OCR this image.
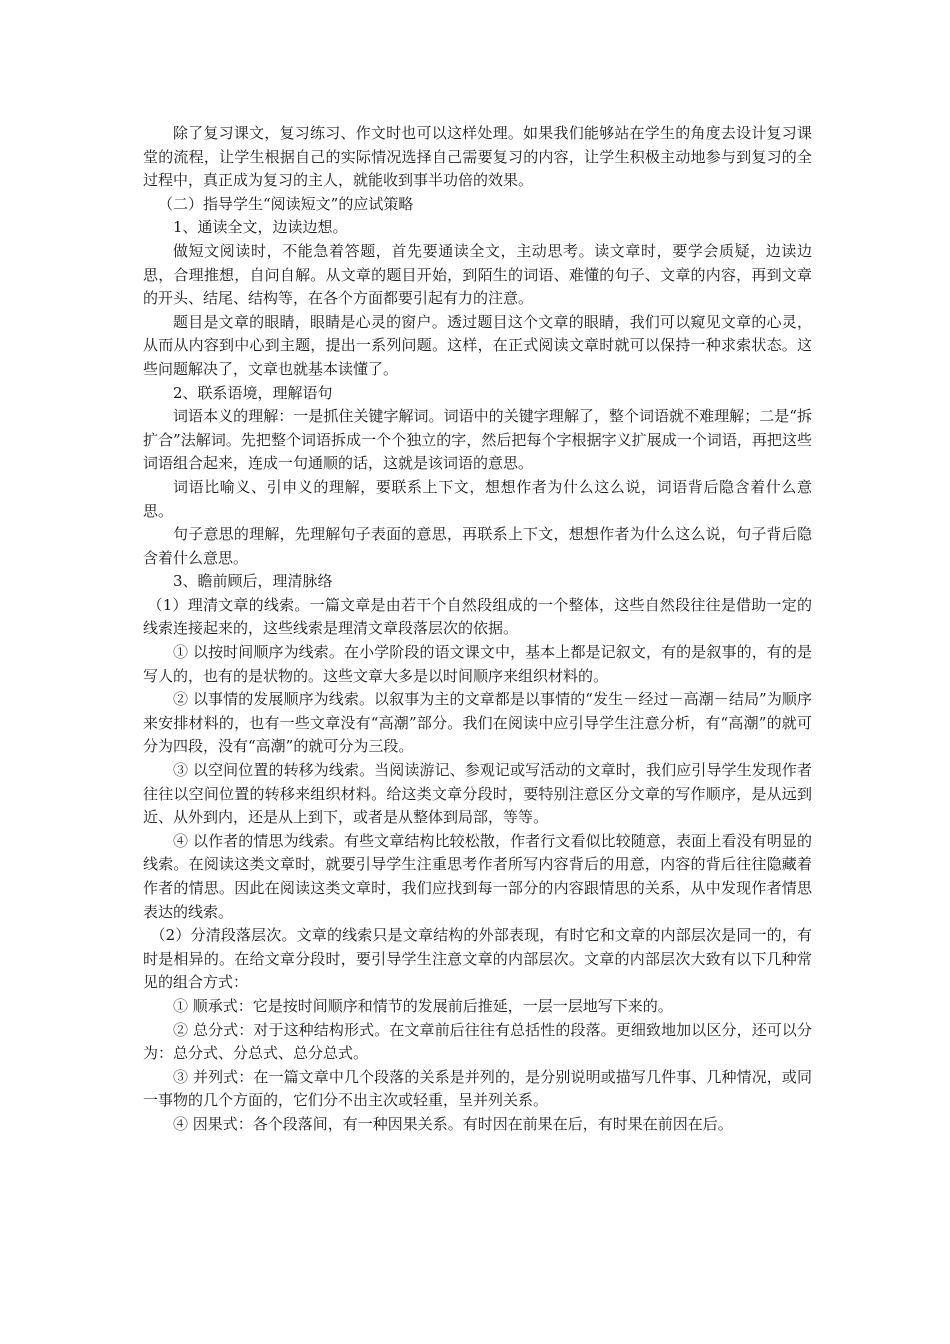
除了复习课文，复习练习、作文时也可以这样处理。如果我们能够站在学生的角度去设计复习课堂的流程，让学生根据自己的实际情况选择自己需要复习的内容，让学生积极主动地参与到复习的全过程中，真正成为复习的主人，就能收到事半功倍的效果。

（二）指导学生“阅读短文”的应试策略

1、通读全文，边读边想。

做短文阅读时，不能急着答题，首先要通读全文，主动思考。读文章时，要学会质疑，边读边思，合理推想，自问自解。从文章的题目开始，到陌生的词语、难懂的句子、文章的内容，再到文章的开头、结尾、结构等，在各个方面都要引起有力的注意。

题目是文章的眼睛，眼睛是心灵的窗户。透过题目这个文章的眼睛，我们可以窥见文章的心灵，从而从内容到中心到主题，提出一系列问题。这样，在正式阅读文章时就可以保持一种求索状态。这些问题解决了，文章也就基本读懂了。

2、联系语境，理解语句

词语本义的理解：一是抓住关键字解词。词语中的关键字理解了，整个词语就不难理解；二是“拆扩合”法解词。先把整个词语拆成一个个独立的字，然后把每个字根据字义扩展成一个词语，再把这些词语组合起来，连成一句通顺的话，这就是该词语的意思。

词语比喻义、引申义的理解，要联系上下文，想想作者为什么这么说，词语背后隐含着什么意思。

句子意思的理解，先理解句子表面的意思，再联系上下文，想想作者为什么这么说，句子背后隐含着什么意思。

3、瞻前顾后，理清脉络

（1）理清文章的线索。一篇文章是由若干个自然段组成的一个整体，这些自然段往往是借助一定的线索连接起来的，这些线索是理清文章段落层次的依据。

① 以按时间顺序为线索。在小学阶段的语文课文中，基本上都是记叙文，有的是叙事的，有的是写人的，也有的是状物的。这些文章大多是以时间顺序来组织材料的。

② 以事情的发展顺序为线索。以叙事为主的文章都是以事情的“发生－经过－高潮－结局”为顺序来安排材料的，也有一些文章没有“高潮”部分。我们在阅读中应引导学生注意分析，有“高潮”的就可分为四段，没有“高潮”的就可分为三段。

③ 以空间位置的转移为线索。当阅读游记、参观记或写活动的文章时，我们应引导学生发现作者往往以空间位置的转移来组织材料。给这类文章分段时，要特别注意区分文章的写作顺序，是从远到近、从外到内，还是从上到下，或者是从整体到局部，等等。

④ 以作者的情思为线索。有些文章结构比较松散，作者行文看似比较随意，表面上看没有明显的线索。在阅读这类文章时，就要引导学生注重思考作者所写内容背后的用意，内容的背后往往隐藏着作者的情思。因此在阅读这类文章时，我们应找到每一部分的内容跟情思的关系，从中发现作者情思表达的线索。

（2）分清段落层次。文章的线索只是文章结构的外部表现，有时它和文章的内部层次是同一的，有时是相异的。在给文章分段时，要引导学生注意文章的内部层次。文章的内部层次大致有以下几种常见的组合方式：

① 顺承式：它是按时间顺序和情节的发展前后推延，一层一层地写下来的。

② 总分式：对于这种结构形式。在文章前后往往有总括性的段落。更细致地加以区分，还可以分为：总分式、分总式、总分总式。

③ 并列式：在一篇文章中几个段落的关系是并列的，是分别说明或描写几件事、几种情况，或同一事物的几个方面的，它们分不出主次或轻重，呈并列关系。

④ 因果式：各个段落间，有一种因果关系。有时因在前果在后，有时果在前因在后。
